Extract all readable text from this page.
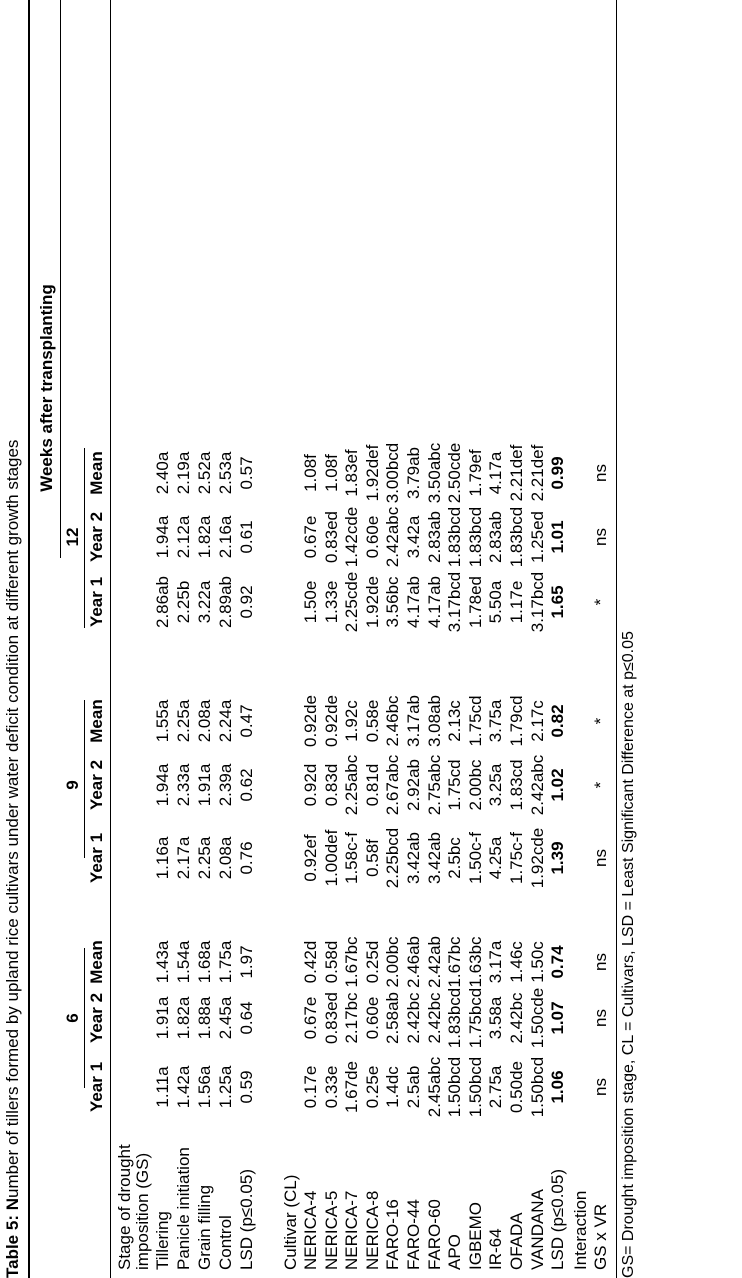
Table 5: Number of tillers formed by upland rice cultivars under water deficit condition at different growth stages
Weeks after transplanting
6
9
12
Year 1
Year 2
Mean
Year 1
Year 2
Mean
Year 1
Year 2
Mean
Stage of drought imposition (GS) Tillering
1.11a
1.91a
1.43a
1.16a
1.94a
1.55a
2.86ab
1.94a
2.40a
Panicle initiation
1.42a
1.82a
1.54a
2.17a
2.33a
2.25a
2.25b
2.12a
2.19a
Grain filling
1.56a
1.88a
1.68a
2.25a
1.91a
2.08a
3.22a
1.82a
2.52a
Control
1.25a
2.45a
1.75a
2.08a
2.39a
2.24a
2.89ab
2.16a
2.53a
LSD (p≤0.05)
0.59
0.64
1.97
0.76
0.62
0.47
0.92
0.61
0.57
Cultivar (CL) NERICA-4
0.17e
0.67e
0.42d
0.92ef
0.92d
0.92de
1.50e
0.67e
1.08f
NERICA-5
0.33e
0.83ed
0.58d
1.00def
0.83d
0.92de
1.33e
0.83ed
1.08f
NERICA-7
1.67de
2.17bc
1.67bc
1.58c-f
2.25abc
1.92c
2.25cde
1.42cde
1.83ef
NERICA-8
0.25e
0.60e
0.25d
0.58f
0.81d
0.58e
1.92de
0.60e
1.92def
FARO-16
1.4dc
2.58ab
2.00bc
2.25bcd
2.67abc
2.46bc
3.56bc
2.42abc
3.00bcd
FARO-44
2.5ab
2.42bc
2.46ab
3.42ab
2.92ab
3.17ab
4.17ab
3.42a
3.79ab
FARO-60
2.45abc
2.42bc
2.42ab
3.42ab
2.75abc
3.08ab
4.17ab
2.83ab
3.50abc
APO
1.50bcd
1.83bcd
1.67bc
2.5bc
1.75cd
2.13c
3.17bcd
1.83bcd
2.50cde
IGBEMO
1.50bcd
1.75bcd
1.63bc
1.50c-f
2.00bc
1.75cd
1.78ed
1.83bcd
1.79ef
IR-64
2.75a
3.58a
3.17a
4.25a
3.25a
3.75a
5.50a
2.83ab
4.17a
OFADA
0.50de
2.42bc
1.46c
1.75c-f
1.83cd
1.79cd
1.17e
1.83bcd
2.21def
VANDANA
1.50bcd
1.50cde
1.50c
1.92cde
2.42abc
2.17c
3.17bcd
1.25ed
2.21def
LSD (p≤0.05)
1.06
1.07
0.74
1.39
1.02
0.82
1.65
1.01
0.99
Interaction GS x VR
ns
ns
ns
ns
*
*
*
ns
ns
GS= Drought imposition stage, CL = Cultivars, LSD = Least Significant Difference at p≤0.05
